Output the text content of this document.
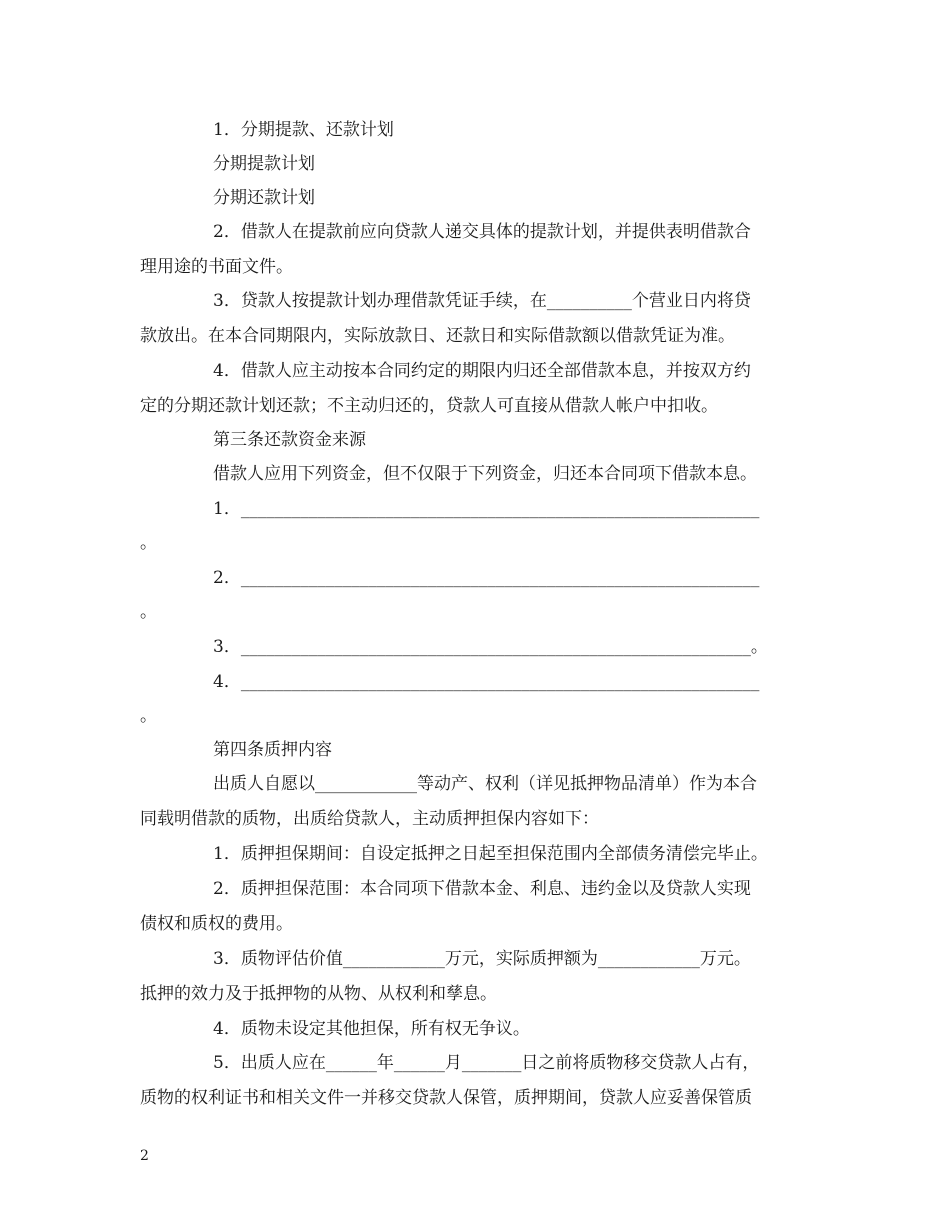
1．分期提款、还款计划

分期提款计划

分期还款计划

2．借款人在提款前应向贷款人递交具体的提款计划，并提供表明借款合

理用途的书面文件。

3．贷款人按提款计划办理借款凭证手续，在__________个营业日内将贷

款放出。在本合同期限内，实际放款日、还款日和实际借款额以借款凭证为准。

4．借款人应主动按本合同约定的期限内归还全部借款本息，并按双方约

定的分期还款计划还款；不主动归还的，贷款人可直接从借款人帐户中扣收。

第三条还款资金来源

借款人应用下列资金，但不仅限于下列资金，归还本合同项下借款本息。

1．_____________________________________________________________

。

2．_____________________________________________________________

。

3．____________________________________________________________。

4．_____________________________________________________________

。

第四条质押内容

出质人自愿以____________等动产、权利（详见抵押物品清单）作为本合

同载明借款的质物，出质给贷款人，主动质押担保内容如下：

1．质押担保期间：自设定抵押之日起至担保范围内全部债务清偿完毕止。

2．质押担保范围：本合同项下借款本金、利息、违约金以及贷款人实现

债权和质权的费用。

3．质物评估价值____________万元，实际质押额为____________万元。

抵押的效力及于抵押物的从物、从权利和孳息。

4．质物未设定其他担保，所有权无争议。

5．出质人应在______年______月_______日之前将质物移交贷款人占有，

质物的权利证书和相关文件一并移交贷款人保管，质押期间，贷款人应妥善保管质

2
